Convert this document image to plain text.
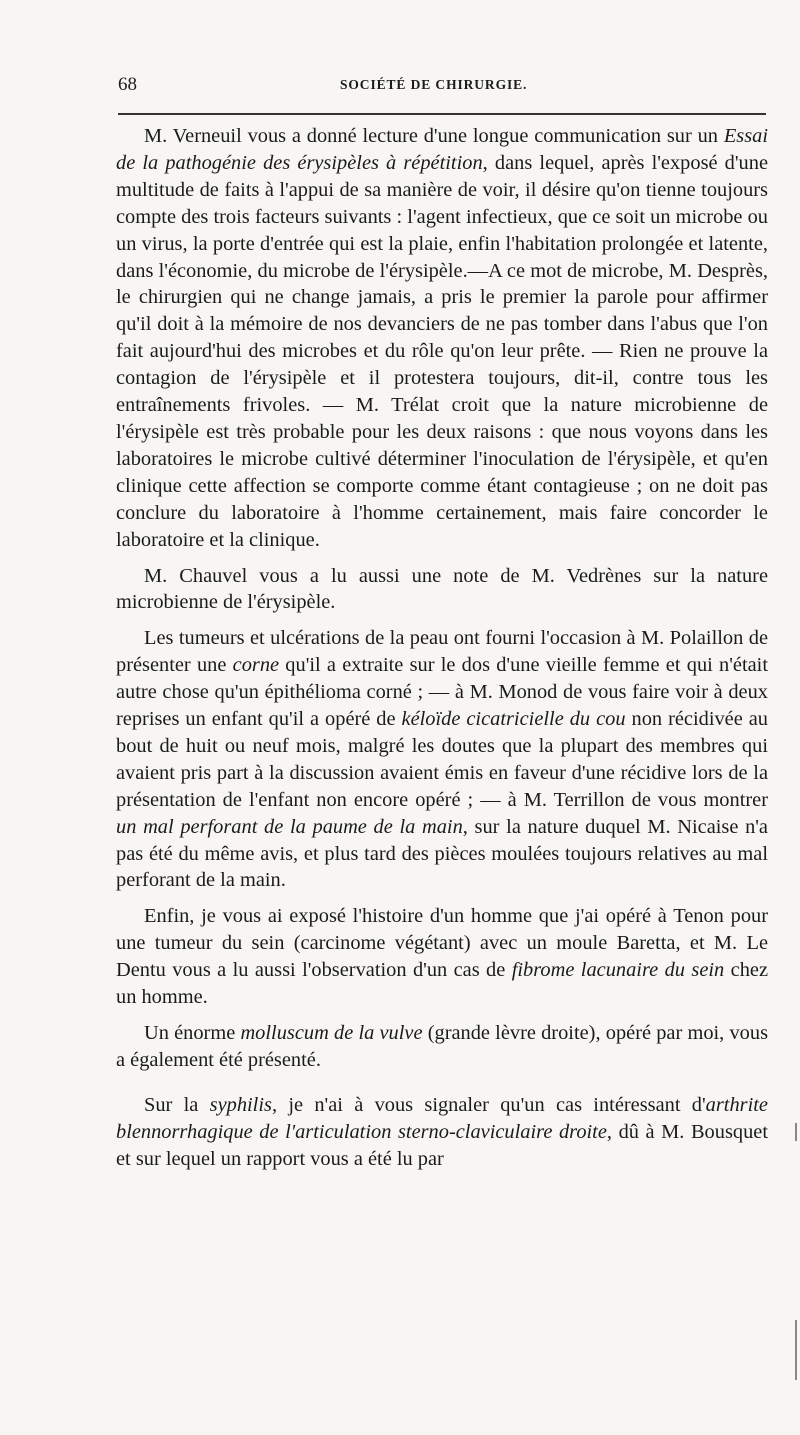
68	SOCIÉTÉ DE CHIRURGIE.

M. Verneuil vous a donné lecture d'une longue communication sur un Essai de la pathogénie des érysipèles à répétition, dans lequel, après l'exposé d'une multitude de faits à l'appui de sa manière de voir, il désire qu'on tienne toujours compte des trois facteurs suivants : l'agent infectieux, que ce soit un microbe ou un virus, la porte d'entrée qui est la plaie, enfin l'habitation prolongée et latente, dans l'économie, du microbe de l'érysipèle.—A ce mot de microbe, M. Desprès, le chirurgien qui ne change jamais, a pris le premier la parole pour affirmer qu'il doit à la mémoire de nos devanciers de ne pas tomber dans l'abus que l'on fait aujourd'hui des microbes et du rôle qu'on leur prête. — Rien ne prouve la contagion de l'érysipèle et il protestera toujours, dit-il, contre tous les entraînements frivoles. — M. Trélat croit que la nature microbienne de l'érysipèle est très probable pour les deux raisons : que nous voyons dans les laboratoires le microbe cultivé déterminer l'inoculation de l'érysipèle, et qu'en clinique cette affection se comporte comme étant contagieuse ; on ne doit pas conclure du laboratoire à l'homme certainement, mais faire concorder le laboratoire et la clinique.

M. Chauvel vous a lu aussi une note de M. Vedrènes sur la nature microbienne de l'érysipèle.

Les tumeurs et ulcérations de la peau ont fourni l'occasion à M. Polaillon de présenter une corne qu'il a extraite sur le dos d'une vieille femme et qui n'était autre chose qu'un épithélioma corné ; — à M. Monod de vous faire voir à deux reprises un enfant qu'il a opéré de kéloïde cicatricielle du cou non récidivée au bout de huit ou neuf mois, malgré les doutes que la plupart des membres qui avaient pris part à la discussion avaient émis en faveur d'une récidive lors de la présentation de l'enfant non encore opéré ; — à M. Terrillon de vous montrer un mal perforant de la paume de la main, sur la nature duquel M. Nicaise n'a pas été du même avis, et plus tard des pièces moulées toujours relatives au mal perforant de la main.

Enfin, je vous ai exposé l'histoire d'un homme que j'ai opéré à Tenon pour une tumeur du sein (carcinome végétant) avec un moule Baretta, et M. Le Dentu vous a lu aussi l'observation d'un cas de fibrome lacunaire du sein chez un homme.

Un énorme molluscum de la vulve (grande lèvre droite), opéré par moi, vous a également été présenté.

Sur la syphilis, je n'ai à vous signaler qu'un cas intéressant d'arthrite blennorrhagique de l'articulation sterno-claviculaire droite, dû à M. Bousquet et sur lequel un rapport vous a été lu par
